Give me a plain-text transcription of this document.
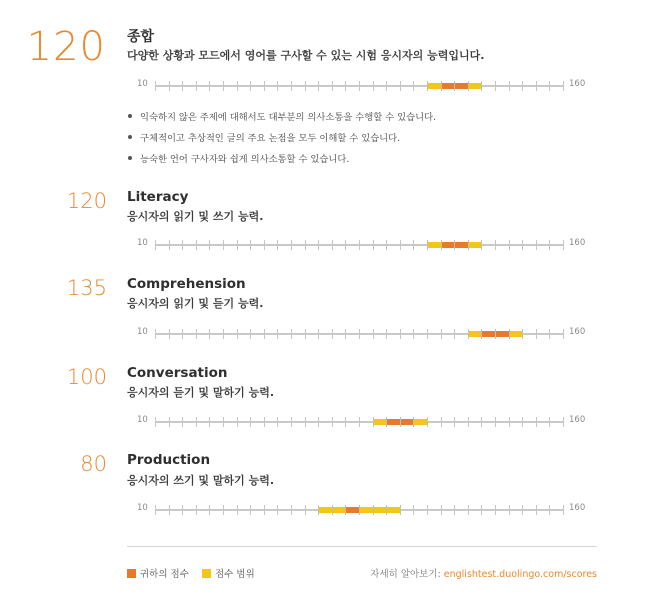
120 종합
다양한 상황과 모드에서 영어를 구사할 수 있는 시험 응시자의 능력입니다.
10	160
익숙하지 않은 주제에 대해서도 대부분의 의사소통을 수행할 수 있습니다.
구체적이고 추상적인 글의 주요 논점을 모두 이해할 수 있습니다.
능숙한 언어 구사자와 쉽게 의사소통할 수 있습니다.
120 Literacy
응시자의 읽기 및 쓰기 능력.
10	160
135 Comprehension
응시자의 읽기 및 듣기 능력.
10	160
100 Conversation
응시자의 듣기 및 말하기 능력.
10	160
80 Production
응시자의 쓰기 및 말하기 능력.
10	160
귀하의 점수	점수 범위	자세히 알아보기: englishtest.duolingo.com/scores
